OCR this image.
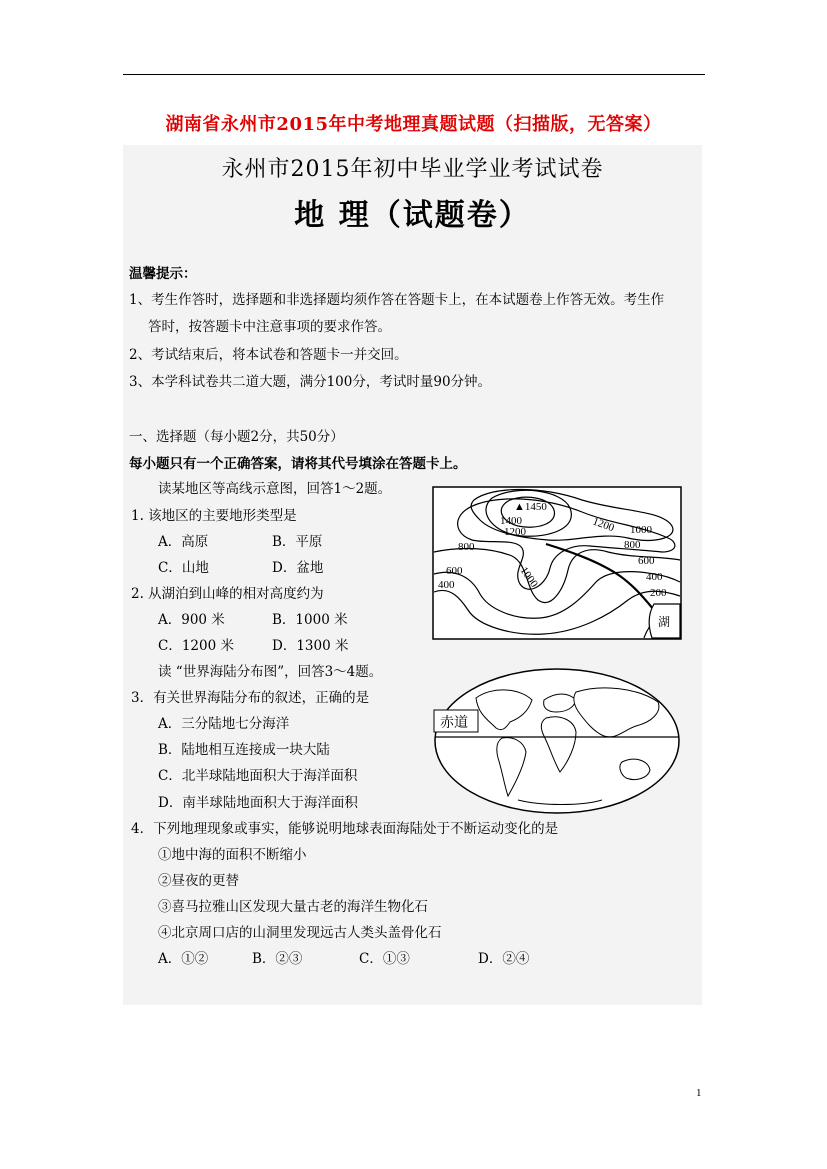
湖南省永州市2015年中考地理真题试题（扫描版，无答案）
永州市2015年初中毕业学业考试试卷
地 理（试题卷）
温馨提示：
1、考生作答时，选择题和非选择题均须作答在答题卡上，在本试题卷上作答无效。考生作
答时，按答题卡中注意事项的要求作答。
2、考试结束后，将本试卷和答题卡一并交回。
3、本学科试卷共二道大题，满分100分，考试时量90分钟。
一、选择题（每小题2分，共50分）
每小题只有一个正确答案，请将其代号填涂在答题卡上。
读某地区等高线示意图，回答1～2题。
1. 该地区的主要地形类型是
A．高原	B．平原
C．山地	D．盆地
2. 从湖泊到山峰的相对高度约为
A．900 米	B．1000 米
C．1200 米	D．1300 米
读 “世界海陆分布图”，回答3～4题。
3．有关世界海陆分布的叙述，正确的是
A．三分陆地七分海洋
B．陆地相互连接成一块大陆
C．北半球陆地面积大于海洋面积
D．南半球陆地面积大于海洋面积
4．下列地理现象或事实，能够说明地球表面海陆处于不断运动变化的是
①地中海的面积不断缩小
②昼夜的更替
③喜马拉雅山区发现大量古老的海洋生物化石
④北京周口店的山洞里发现远古人类头盖骨化石
A．①②	B．②③	C．①③	D．②④
▲1450
1400
1200	1200 1000
1000
800	800
600
600
400
400
200
湖
赤道
1
